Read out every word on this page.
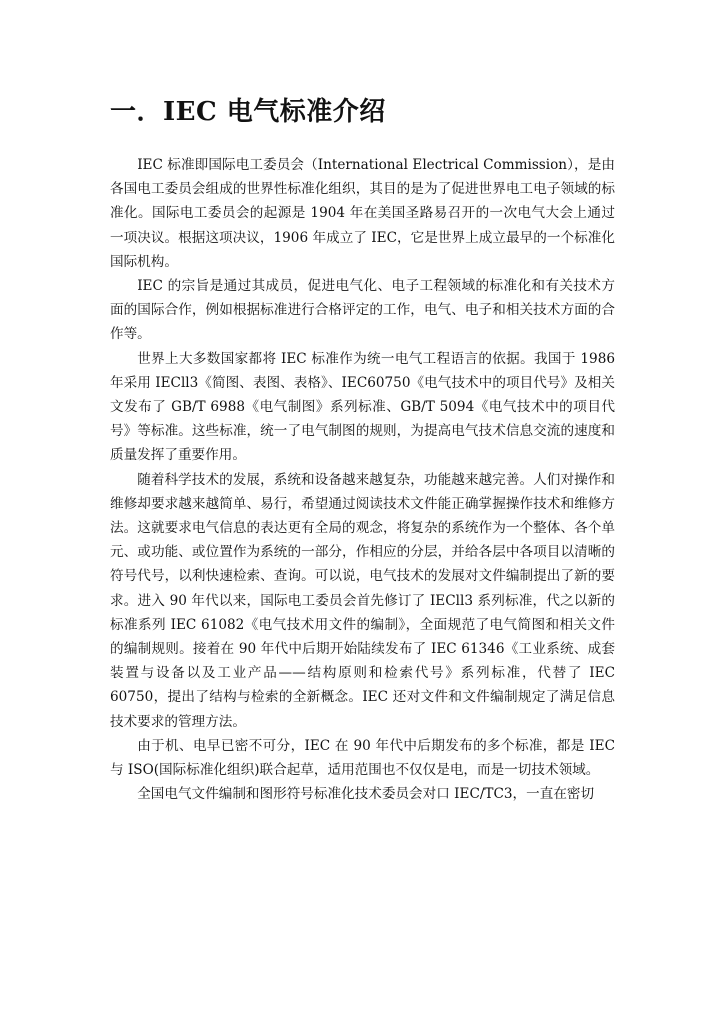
一．IEC 电气标准介绍

IEC 标准即国际电工委员会（International Electrical Commission），是由各国电工委员会组成的世界性标准化组织，其目的是为了促进世界电工电子领域的标准化。国际电工委员会的起源是 1904 年在美国圣路易召开的一次电气大会上通过一项决议。根据这项决议，1906 年成立了 IEC，它是世界上成立最早的一个标准化国际机构。

IEC 的宗旨是通过其成员，促进电气化、电子工程领域的标准化和有关技术方面的国际合作，例如根据标准进行合格评定的工作，电气、电子和相关技术方面的合作等。

世界上大多数国家都将 IEC 标准作为统一电气工程语言的依据。我国于 1986 年采用 IECll3《简图、表图、表格》、IEC60750《电气技术中的项目代号》及相关文发布了 GB/T 6988《电气制图》系列标准、GB/T 5094《电气技术中的项目代号》等标准。这些标准，统一了电气制图的规则，为提高电气技术信息交流的速度和质量发挥了重要作用。

随着科学技术的发展，系统和设备越来越复杂，功能越来越完善。人们对操作和维修却要求越来越简单、易行，希望通过阅读技术文件能正确掌握操作技术和维修方法。这就要求电气信息的表达更有全局的观念，将复杂的系统作为一个整体、各个单元、或功能、或位置作为系统的一部分，作相应的分层，并给各层中各项目以清晰的符号代号，以利快速检索、查询。可以说，电气技术的发展对文件编制提出了新的要求。进入 90 年代以来，国际电工委员会首先修订了 IECll3 系列标准，代之以新的标准系列 IEC 61082《电气技术用文件的编制》，全面规范了电气简图和相关文件的编制规则。接着在 90 年代中后期开始陆续发布了 IEC 61346《工业系统、成套装置与设备以及工业产品——结构原则和检索代号》系列标准，代替了 IEC 60750，提出了结构与检索的全新概念。IEC 还对文件和文件编制规定了满足信息技术要求的管理方法。

由于机、电早已密不可分，IEC 在 90 年代中后期发布的多个标准，都是 IEC 与 ISO(国际标准化组织)联合起草，适用范围也不仅仅是电，而是一切技术领域。

全国电气文件编制和图形符号标准化技术委员会对口 IEC/TC3，一直在密切
